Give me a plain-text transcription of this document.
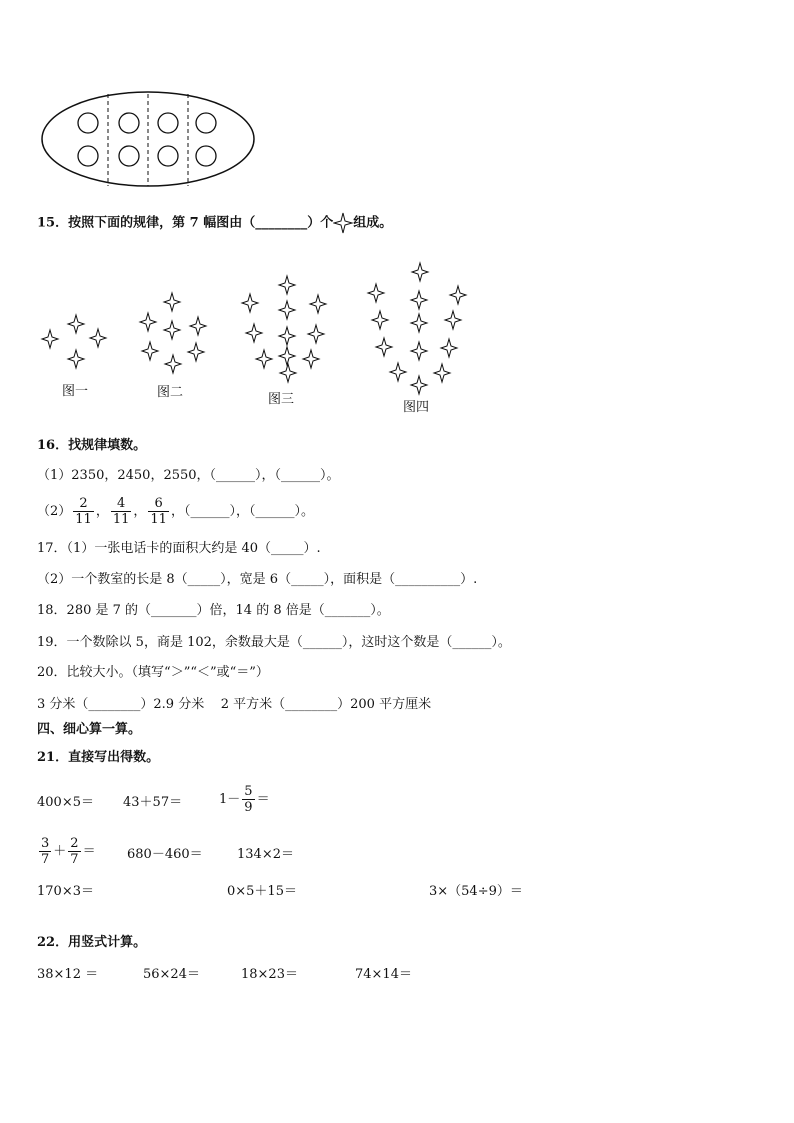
15．按照下面的规律，第 7 幅图由（________）个 组成。
图一	图二	图三
图四
16．找规律填数。
（1）2350，2450，2550，（______），（______）。
$(2) \frac{2}{11}$ ， $\frac{4}{11}$ ， $\frac{6}{11}$ ，（______），（______）。
17．（1）一张电话卡的面积大约是 40（_____）.
（2）一个教室的长是 8（_____），宽是 6（_____），面积是（__________）.
18．280 是 7 的（_______）倍，14 的 8 倍是（_______）。
19．一个数除以 5，商是 102，余数最大是（______），这时这个数是（______）。
20．比较大小。（填写“＞”“＜”或“＝”）
3 分米（________）2.9 分米    2 平方米（________）200 平方厘米
四、细心算一算。
21．直接写出得数。
400×5＝ 43＋57＝	$1- \frac{5}{9}$ ＝
$\frac{3}{7} + \frac{2}{7} = 680-460=$	134×2＝
170×3＝	0×5＋15＝	3×（54÷9）＝
22．用竖式计算。
38×12 ＝	56×24＝	18×23＝	74×14＝
